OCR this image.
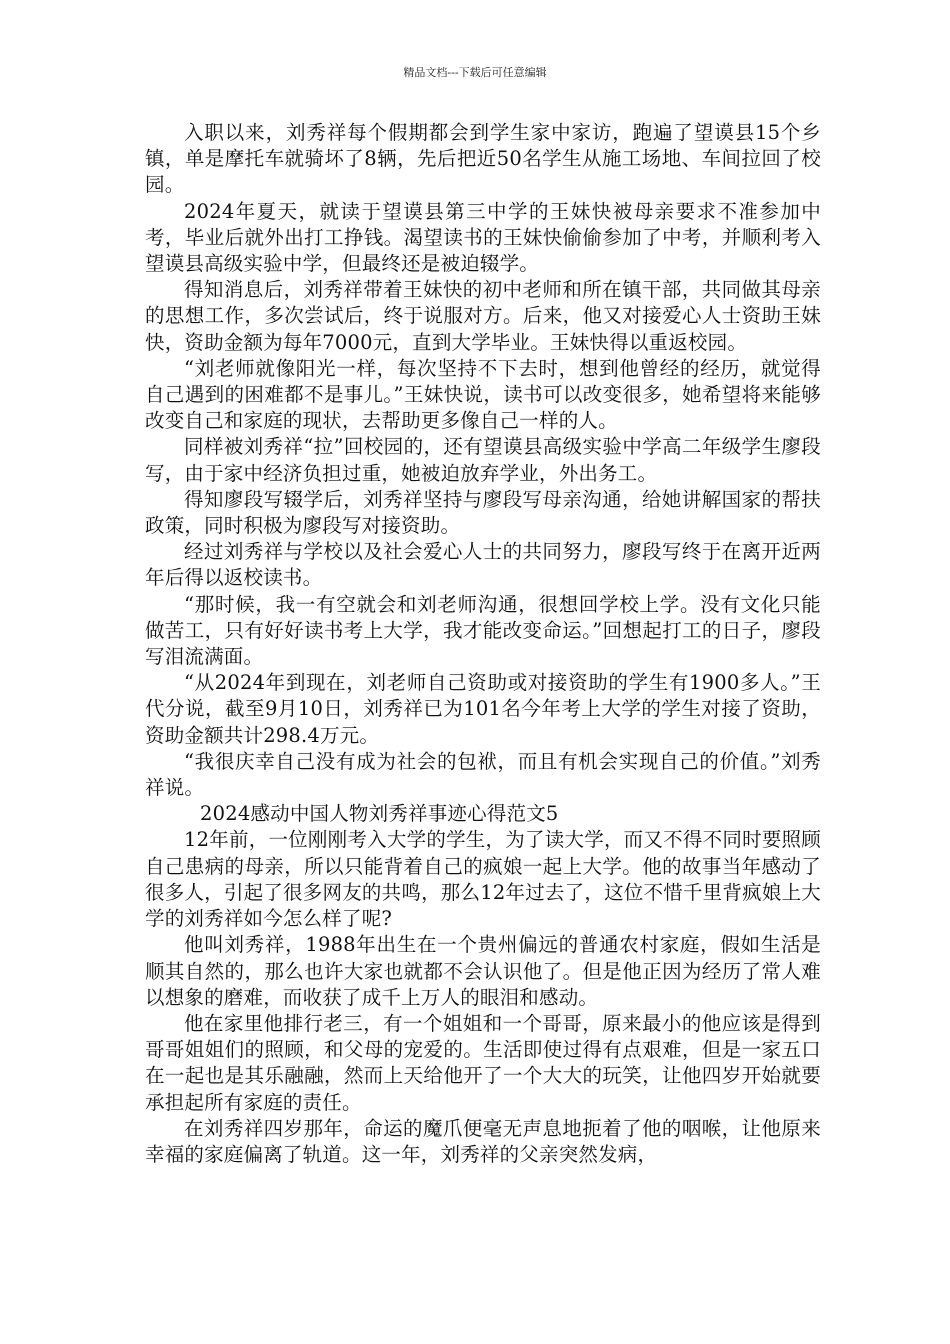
精品文档---下载后可任意编辑

入职以来，刘秀祥每个假期都会到学生家中家访，跑遍了望谟县15个乡镇，单是摩托车就骑坏了8辆，先后把近50名学生从施工场地、车间拉回了校园。

2024年夏天，就读于望谟县第三中学的王妹快被母亲要求不准参加中考，毕业后就外出打工挣钱。渴望读书的王妹快偷偷参加了中考，并顺利考入望谟县高级实验中学，但最终还是被迫辍学。

得知消息后，刘秀祥带着王妹快的初中老师和所在镇干部，共同做其母亲的思想工作，多次尝试后，终于说服对方。后来，他又对接爱心人士资助王妹快，资助金额为每年7000元，直到大学毕业。王妹快得以重返校园。

“刘老师就像阳光一样，每次坚持不下去时，想到他曾经的经历，就觉得自己遇到的困难都不是事儿。”王妹快说，读书可以改变很多，她希望将来能够改变自己和家庭的现状，去帮助更多像自己一样的人。

同样被刘秀祥“拉”回校园的，还有望谟县高级实验中学高二年级学生廖段写，由于家中经济负担过重，她被迫放弃学业，外出务工。

得知廖段写辍学后，刘秀祥坚持与廖段写母亲沟通，给她讲解国家的帮扶政策，同时积极为廖段写对接资助。

经过刘秀祥与学校以及社会爱心人士的共同努力，廖段写终于在离开近两年后得以返校读书。

“那时候，我一有空就会和刘老师沟通，很想回学校上学。没有文化只能做苦工，只有好好读书考上大学，我才能改变命运。”回想起打工的日子，廖段写泪流满面。

“从2024年到现在，刘老师自己资助或对接资助的学生有1900多人。”王代分说，截至9月10日，刘秀祥已为101名今年考上大学的学生对接了资助，资助金额共计298.4万元。

“我很庆幸自己没有成为社会的包袱，而且有机会实现自己的价值。”刘秀祥说。

2024感动中国人物刘秀祥事迹心得范文5

12年前，一位刚刚考入大学的学生，为了读大学，而又不得不同时要照顾自己患病的母亲，所以只能背着自己的疯娘一起上大学。他的故事当年感动了很多人，引起了很多网友的共鸣，那么12年过去了，这位不惜千里背疯娘上大学的刘秀祥如今怎么样了呢?

他叫刘秀祥，1988年出生在一个贵州偏远的普通农村家庭，假如生活是顺其自然的，那么也许大家也就都不会认识他了。但是他正因为经历了常人难以想象的磨难，而收获了成千上万人的眼泪和感动。

他在家里他排行老三，有一个姐姐和一个哥哥，原来最小的他应该是得到哥哥姐姐们的照顾，和父母的宠爱的。生活即使过得有点艰难，但是一家五口在一起也是其乐融融，然而上天给他开了一个大大的玩笑，让他四岁开始就要承担起所有家庭的责任。

在刘秀祥四岁那年，命运的魔爪便毫无声息地扼着了他的咽喉，让他原来幸福的家庭偏离了轨道。这一年，刘秀祥的父亲突然发病，
